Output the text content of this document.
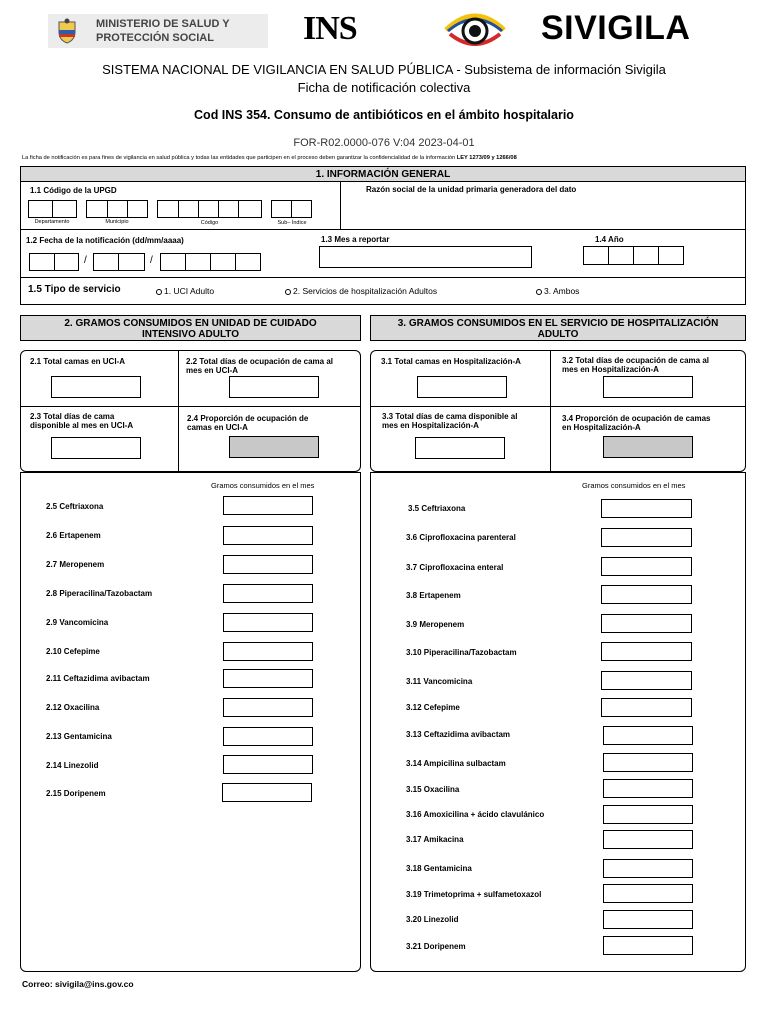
MINISTERIO DE SALUD Y
PROTECCIÓN SOCIAL	INS	SIVIGILA
SISTEMA NACIONAL DE VIGILANCIA EN SALUD PÚBLICA - Subsistema de información Sivigila
Ficha de notificación colectiva
Cod INS 354. Consumo de antibióticos en el ámbito hospitalario
FOR-R02.0000-076 V:04 2023-04-01
La ficha de notificación es para fines de vigilancia en salud pública y todas las entidades que participen en el proceso deben garantizar la confidencialidad de la información LEY 1273/09 y 1266/08
1. INFORMACIÓN GENERAL
1.1 Código de la UPGD	Razón social de la unidad primaria generadora del dato
Departamento	Municipio	Código	Sub– Índice
1.2 Fecha de la notificación (dd/mm/aaaa)
/	/
1.3 Mes a reportar	1.4 Año
1.5 Tipo de servicio	1. UCI Adulto	2. Servicios de hospitalización Adultos	3. Ambos
2. GRAMOS CONSUMIDOS EN UNIDAD DE CUIDADO
INTENSIVO ADULTO
3. GRAMOS CONSUMIDOS EN EL SERVICIO DE HOSPITALIZACIÓN
ADULTO
2.1 Total camas en UCI-A	2.2 Total días de ocupación de cama al
mes en UCI-A
2.3 Total días de cama
disponible al mes en UCI-A
2.4 Proporción de ocupación de
camas en UCI-A
3.1 Total camas en Hospitalización-A	3.2 Total días de ocupación de cama al
mes en Hospitalización-A
3.3 Total días de cama disponible al
mes en Hospitalización-A
3.4 Proporción de ocupación de camas
en Hospitalización-A
Gramos consumidos en el mes
2.5 Ceftriaxona
2.6 Ertapenem
2.7 Meropenem
2.8 Piperacilina/Tazobactam
2.9 Vancomicina
2.10 Cefepime
2.11 Ceftazidima avibactam
2.12 Oxacilina
2.13 Gentamicina
2.14 Linezolid
2.15 Doripenem
Gramos consumidos en el mes
3.5 Ceftriaxona
3.6 Ciprofloxacina parenteral
3.7 Ciprofloxacina enteral
3.8 Ertapenem
3.9 Meropenem
3.10 Piperacilina/Tazobactam
3.11 Vancomicina
3.12 Cefepime
3.13 Ceftazidima avibactam
3.14 Ampicilina sulbactam
3.15 Oxacilina
3.16 Amoxicilina + ácido clavulánico
3.17 Amikacina
3.18 Gentamicina
3.19 Trimetoprima + sulfametoxazol
3.20 Linezolid
3.21 Doripenem
Correo: sivigila@ins.gov.co
